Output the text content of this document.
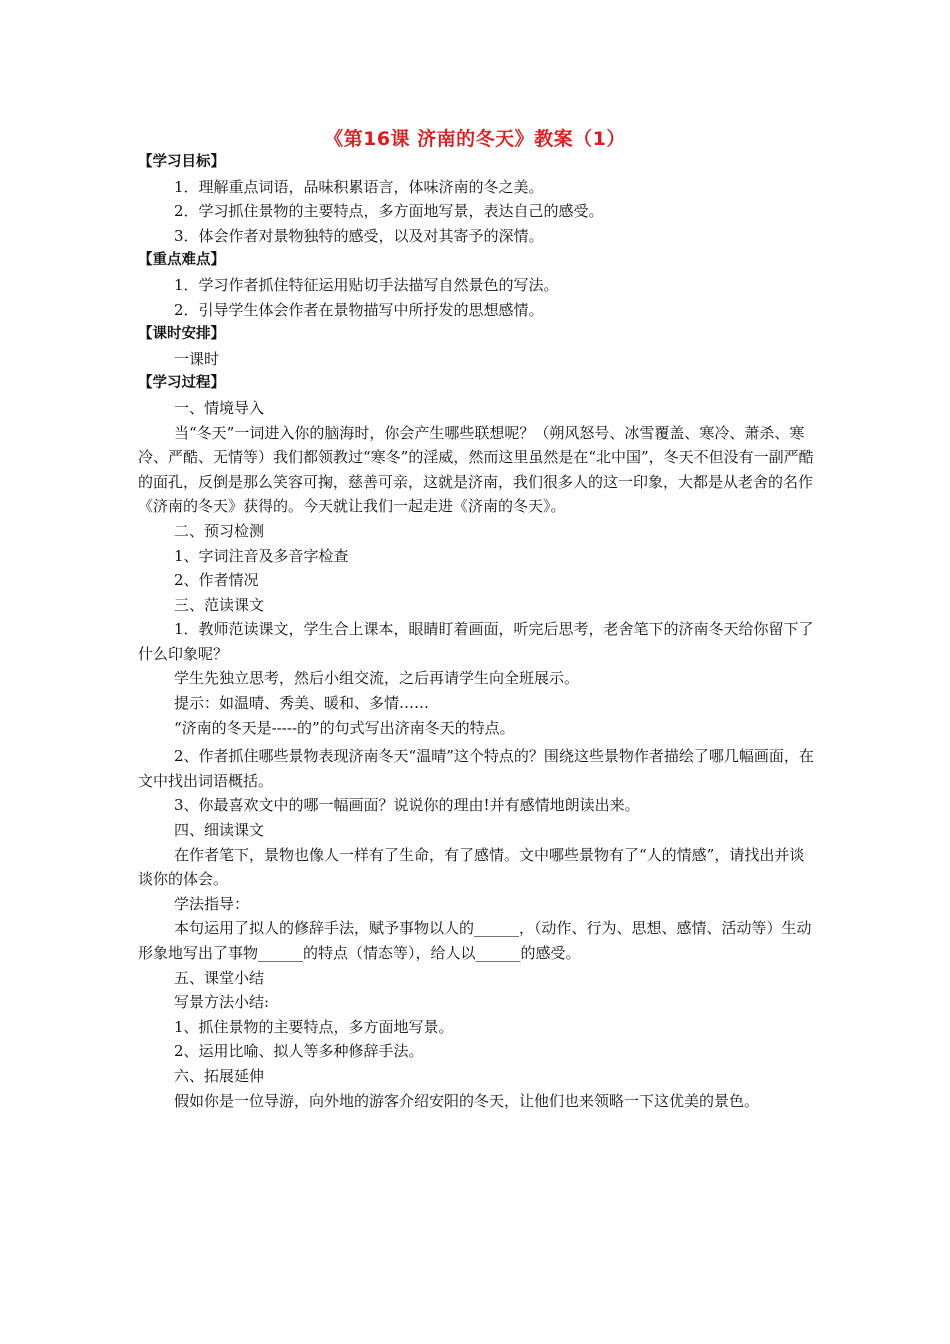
《第16课 济南的冬天》教案（1）

【学习目标】

1．理解重点词语，品味积累语言，体味济南的冬之美。

2．学习抓住景物的主要特点，多方面地写景，表达自己的感受。

3．体会作者对景物独特的感受，以及对其寄予的深情。

【重点难点】

1．学习作者抓住特征运用贴切手法描写自然景色的写法。

2．引导学生体会作者在景物描写中所抒发的思想感情。

【课时安排】

一课时

【学习过程】

一、情境导入

当“冬天”一词进入你的脑海时，你会产生哪些联想呢？（朔风怒号、冰雪覆盖、寒冷、萧杀、寒冷、严酷、无情等）我们都领教过“寒冬”的淫威，然而这里虽然是在“北中国”，冬天不但没有一副严酷的面孔，反倒是那么笑容可掬，慈善可亲，这就是济南，我们很多人的这一印象，大都是从老舍的名作《济南的冬天》获得的。今天就让我们一起走进《济南的冬天》。

二、预习检测

1、字词注音及多音字检查

2、作者情况

三、范读课文

1．教师范读课文，学生合上课本，眼睛盯着画面，听完后思考，老舍笔下的济南冬天给你留下了什么印象呢？

学生先独立思考，然后小组交流，之后再请学生向全班展示。

提示：如温晴、秀美、暖和、多情……

“济南的冬天是-----的”的句式写出济南冬天的特点。

2、作者抓住哪些景物表现济南冬天“温晴”这个特点的？围绕这些景物作者描绘了哪几幅画面，在文中找出词语概括。

3、你最喜欢文中的哪一幅画面？说说你的理由!并有感情地朗读出来。

四、细读课文

在作者笔下，景物也像人一样有了生命，有了感情。文中哪些景物有了“人的情感”，请找出并谈谈你的体会。

学法指导：

本句运用了拟人的修辞手法，赋予事物以人的______，（动作、行为、思想、感情、活动等）生动形象地写出了事物______的特点（情态等），给人以______的感受。

五、课堂小结

写景方法小结:

1、抓住景物的主要特点，多方面地写景。

2、运用比喻、拟人等多种修辞手法。

六、拓展延伸

假如你是一位导游，向外地的游客介绍安阳的冬天，让他们也来领略一下这优美的景色。
